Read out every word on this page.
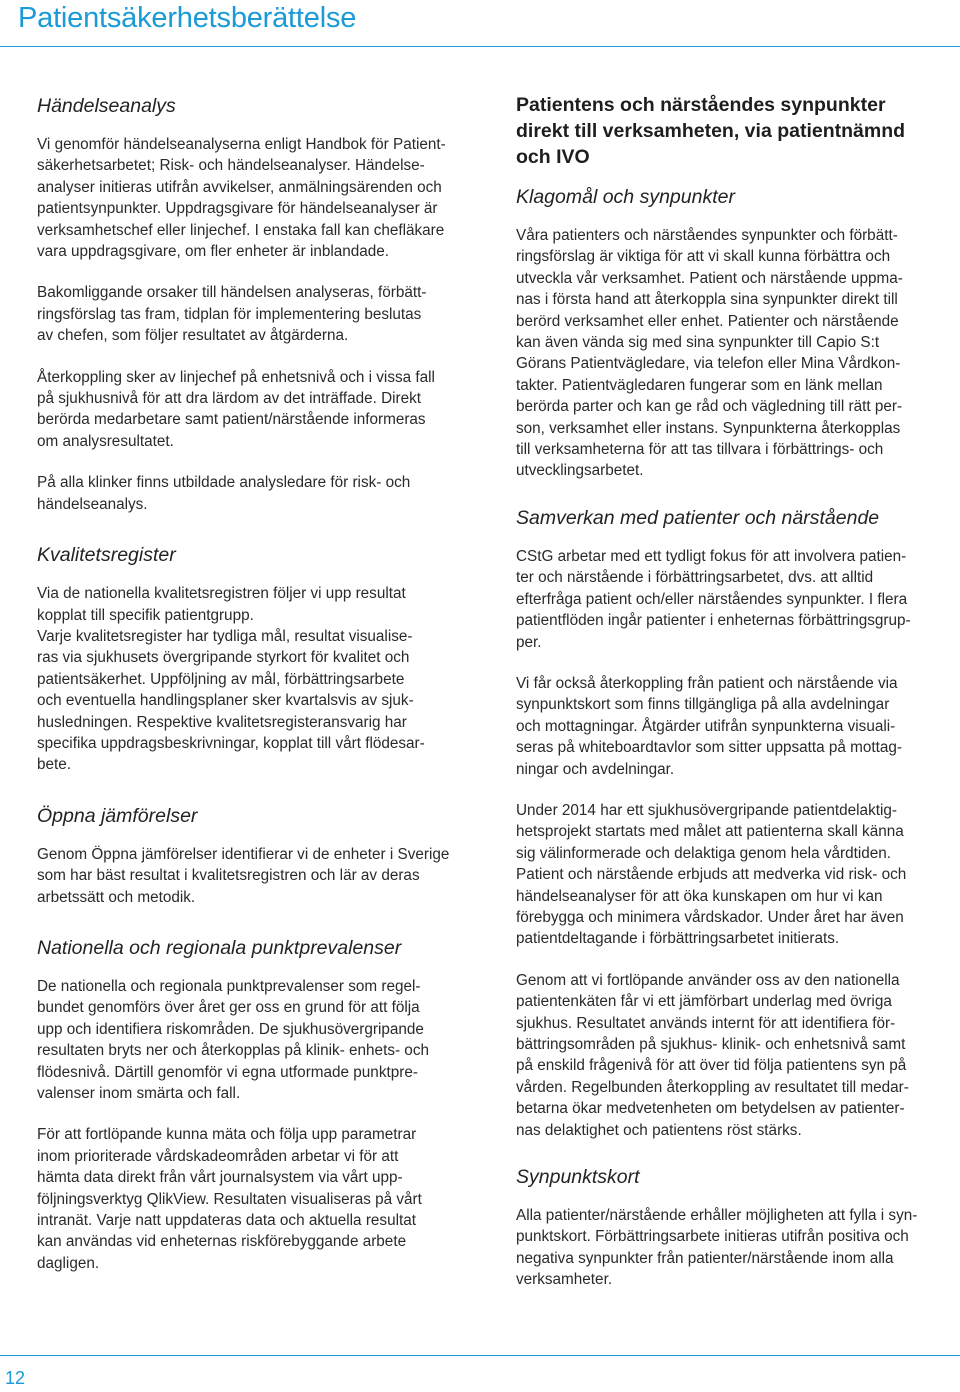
Patientsäkerhetsberättelse
Händelseanalys

Vi genomför händelseanalyserna enligt Handbok för Patient-
säkerhetsarbetet; Risk- och händelseanalyser. Händelse-
analyser initieras utifrån avvikelser, anmälningsärenden och
patientsynpunkter. Uppdragsgivare för händelseanalyser är
verksamhetschef eller linjechef. I enstaka fall kan chefläkare
vara uppdragsgivare, om fler enheter är inblandade.

Bakomliggande orsaker till händelsen analyseras, förbätt-
ringsförslag tas fram, tidplan för implementering beslutas
av chefen, som följer resultatet av åtgärderna.

Återkoppling sker av linjechef på enhetsnivå och i vissa fall
på sjukhusnivå för att dra lärdom av det inträffade. Direkt
berörda medarbetare samt patient/närstående informeras
om analysresultatet.

På alla klinker finns utbildade analysledare för risk- och
händelseanalys.

Kvalitetsregister

Via de nationella kvalitetsregistren följer vi upp resultat
kopplat till specifik patientgrupp.
Varje kvalitetsregister har tydliga mål, resultat visualise-
ras via sjukhusets övergripande styrkort för kvalitet och
patientsäkerhet. Uppföljning av mål, förbättringsarbete
och eventuella handlingsplaner sker kvartalsvis av sjuk-
husledningen. Respektive kvalitetsregisteransvarig har
specifika uppdragsbeskrivningar, kopplat till vårt flödesar-
bete.

Öppna jämförelser

Genom Öppna jämförelser identifierar vi de enheter i Sverige
som har bäst resultat i kvalitetsregistren och lär av deras
arbetssätt och metodik.

Nationella och regionala punktprevalenser

De nationella och regionala punktprevalenser som regel-
bundet genomförs över året ger oss en grund för att följa
upp och identifiera riskområden. De sjukhusövergripande
resultaten bryts ner och återkopplas på klinik- enhets- och
flödesnivå. Därtill genomför vi egna utformade punktpre-
valenser inom smärta och fall.

För att fortlöpande kunna mäta och följa upp parametrar
inom prioriterade vårdskadeområden arbetar vi för att
hämta data direkt från vårt journalsystem via vårt upp-
följningsverktyg QlikView. Resultaten visualiseras på vårt
intranät. Varje natt uppdateras data och aktuella resultat
kan användas vid enheternas riskförebyggande arbete
dagligen.

Patientens och närståendes synpunkter
direkt till verksamheten, via patientnämnd
och IVO
Klagomål och synpunkter

Våra patienters och närståendes synpunkter och förbätt-
ringsförslag är viktiga för att vi skall kunna förbättra och
utveckla vår verksamhet. Patient och närstående uppma-
nas i första hand att återkoppla sina synpunkter direkt till
berörd verksamhet eller enhet. Patienter och närstående
kan även vända sig med sina synpunkter till Capio S:t
Görans Patientvägledare, via telefon eller Mina Vårdkon-
takter. Patientvägledaren fungerar som en länk mellan
berörda parter och kan ge råd och vägledning till rätt per-
son, verksamhet eller instans. Synpunkterna återkopplas
till verksamheterna för att tas tillvara i förbättrings- och
utvecklingsarbetet.

Samverkan med patienter och närstående

CStG arbetar med ett tydligt fokus för att involvera patien-
ter och närstående i förbättringsarbetet, dvs. att alltid
efterfråga patient och/eller närståendes synpunkter. I flera
patientflöden ingår patienter i enheternas förbättringsgrup-
per.

Vi får också återkoppling från patient och närstående via
synpunktskort som finns tillgängliga på alla avdelningar
och mottagningar. Åtgärder utifrån synpunkterna visuali-
seras på whiteboardtavlor som sitter uppsatta på mottag-
ningar och avdelningar.

Under 2014 har ett sjukhusövergripande patientdelaktig-
hetsprojekt startats med målet att patienterna skall känna
sig välinformerade och delaktiga genom hela vårdtiden.
Patient och närstående erbjuds att medverka vid risk- och
händelseanalyser för att öka kunskapen om hur vi kan
förebygga och minimera vårdskador. Under året har även
patientdeltagande i förbättringsarbetet initierats.

Genom att vi fortlöpande använder oss av den nationella
patientenkäten får vi ett jämförbart underlag med övriga
sjukhus. Resultatet används internt för att identifiera för-
bättringsområden på sjukhus- klinik- och enhetsnivå samt
på enskild frågenivå för att över tid följa patientens syn på
vården. Regelbunden återkoppling av resultatet till medar-
betarna ökar medvetenheten om betydelsen av patienter-
nas delaktighet och patientens röst stärks.

Synpunktskort

Alla patienter/närstående erhåller möjligheten att fylla i syn-
punktskort. Förbättringsarbete initieras utifrån positiva och
negativa synpunkter från patienter/närstående inom alla
verksamheter.

12
